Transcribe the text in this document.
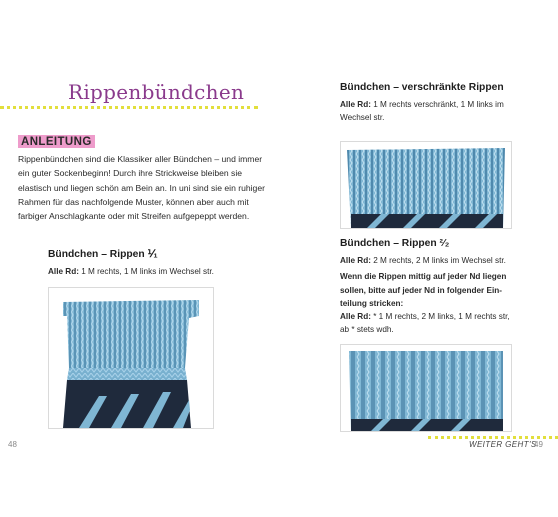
Rippenbündchen
ANLEITUNG
Rippenbündchen sind die Klassiker aller Bündchen – und immer
ein guter Sockenbeginn! Durch ihre Strickweise bleiben sie
elastisch und liegen schön am Bein an. In uni sind sie ein ruhiger
Rahmen für das nachfolgende Muster, können aber auch mit
farbiger Anschlagkante oder mit Streifen aufgepeppt werden.
Bündchen – Rippen ⅟₁
Alle Rd: 1 M rechts, 1 M links im Wechsel str.
48
Bündchen – verschränkte Rippen
Alle Rd: 1 M rechts verschränkt, 1 M links im
Wechsel str.
Bündchen – Rippen ²⁄₂
Alle Rd: 2 M rechts, 2 M links im Wechsel str.
Wenn die Rippen mittig auf jeder Nd liegen
sollen, bitte auf jeder Nd in folgender Ein-
teilung stricken:
Alle Rd: * 1 M rechts, 2 M links, 1 M rechts str,
ab * stets wdh.
WEITER GEHT'S
49
